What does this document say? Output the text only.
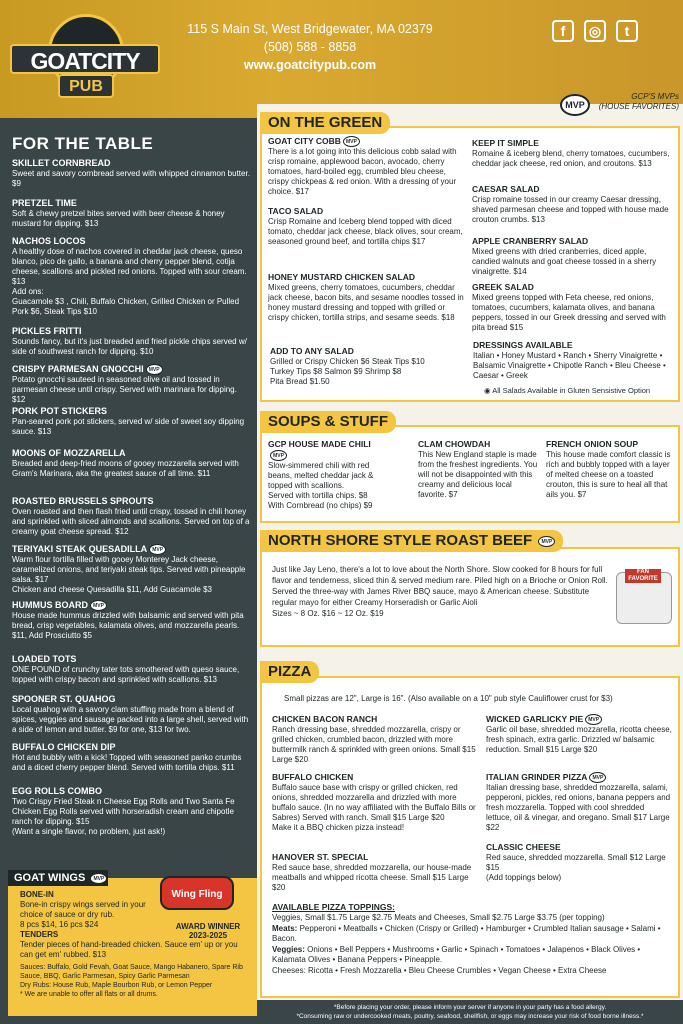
GOATCITY
PUB
115 S Main St, West Bridgewater, MA 02379
(508) 588 - 8858
www.goatcitypub.com
f	◎	t
FOR THE TABLE
SKILLET CORNBREAD
Sweet and savory cornbread served with whipped cinnamon butter. $9
PRETZEL TIME
Soft & chewy pretzel bites served with beer cheese & honey mustard for dipping. $13
NACHOS LOCOS
A healthy dose of nachos covered in cheddar jack cheese, queso blanco, pico de gallo, a banana and cherry pepper blend, cotija cheese, scallions and pickled red onions. Topped with sour cream. $13
Add ons:
Guacamole $3 , Chili, Buffalo Chicken, Grilled Chicken or Pulled Pork $6, Steak Tips $10
PICKLES FRITTI
Sounds fancy, but it's just breaded and fried pickle chips served w/ side of southwest ranch for dipping. $10
CRISPY PARMESAN GNOCCHI MVP
Potato gnocchi sauteed in seasoned olive oil and tossed in parmesan cheese until crispy. Served with marinara for dipping. $12
PORK POT STICKERS
Pan-seared pork pot stickers, served w/ side of sweet soy dipping sauce. $13
MOONS OF MOZZARELLA
Breaded and deep-fried moons of gooey mozzarella served with Gram's Marinara, aka the greatest sauce of all time. $11
ROASTED BRUSSELS SPROUTS
Oven roasted and then flash fried until crispy, tossed in chili honey and sprinkled with sliced almonds and scallions. Served on top of a creamy goat cheese spread. $12
TERIYAKI STEAK QUESADILLA MVP
Warm flour tortilla filled with gooey Monterey Jack cheese, caramelized onions, and teriyaki steak tips. Served with pineapple salsa. $17
Chicken and cheese Quesadilla $11, Add Guacamole $3
HUMMUS BOARD MVP
House made hummus drizzled with balsamic and served with pita bread, crisp vegetables, kalamata olives, and mozzarella pearls. $11, Add Prosciutto $5
LOADED TOTS
ONE POUND of crunchy tater tots smothered with queso sauce, topped with crispy bacon and sprinkled with scallions. $13
SPOONER ST. QUAHOG
Local quahog with a savory clam stuffing made from a blend of spices, veggies and sausage packed into a large shell, served with a side of lemon and butter. $9 for one, $13 for two.
BUFFALO CHICKEN DIP
Hot and bubbly with a kick! Topped with seasoned panko crumbs and a diced cherry pepper blend. Served with tortilla chips. $11
EGG ROLLS COMBO
Two Crispy Fried Steak n Cheese Egg Rolls and Two Santa Fe Chicken Egg Rolls served with horseradish cream and chipotle ranch for dipping. $15
(Want a single flavor, no problem, just ask!)
BONE-IN
Bone-in crispy wings served in your choice of sauce or dry rub.
8 pcs $14, 16 pcs $24
TENDERS
Tender pieces of hand-breaded chicken. Sauce em' up or you can get em' rubbed. $13
Sauces: Buffalo, Gold Fevah, Goat Sauce, Mango Habanero, Spare Rib Sauce, BBQ, Garlic Parmesan, Spicy Garlic Parmesan
Dry Rubs: House Rub, Maple Bourbon Rub, or Lemon Pepper
* We are unable to offer all flats or all drums.
AWARD WINNER
2023-2025
GOAT WINGS MVP
Wing Fling
MVP
GCP'S MVPs
(HOUSE FAVORITES)
ON THE GREEN
GOAT CITY COBB MVP
There is a lot going into this delicious cobb salad with crisp romaine, applewood bacon, avocado, cherry tomatoes, hard-boiled egg, crumbled bleu cheese, crispy chickpeas & red onion. With a dressing of your choice. $17
TACO SALAD
Crisp Romaine and Iceberg blend topped with diced tomato, cheddar jack cheese, black olives, sour cream, seasoned ground beef, and tortilla chips $17
HONEY MUSTARD CHICKEN SALAD
Mixed greens, cherry tomatoes, cucumbers, cheddar jack cheese, bacon bits, and sesame noodles tossed in honey mustard dressing and topped with grilled or crispy chicken, tortilla strips, and sesame seeds. $18
KEEP IT SIMPLE
Romaine & iceberg blend, cherry tomatoes, cucumbers, cheddar jack cheese, red onion, and croutons. $13
CAESAR SALAD
Crisp romaine tossed in our creamy Caesar dressing, shaved parmesan cheese and topped with house made crouton crumbs. $13
APPLE CRANBERRY SALAD
Mixed greens with dried cranberries, diced apple, candied walnuts and goat cheese tossed in a sherry vinaigrette. $14
GREEK SALAD
Mixed greens topped with Feta cheese, red onions, tomatoes, cucumbers, kalamata olives, and banana peppers, tossed in our Greek dressing and served with pita bread $15
ADD TO ANY SALAD
Grilled or Crispy Chicken $6 Steak Tips $10
Turkey Tips $8 Salmon $9 Shrimp $8
Pita Bread $1.50
DRESSINGS AVAILABLE
Italian • Honey Mustard • Ranch • Sherry Vinaigrette • Balsamic Vinaigrette • Chipotle Ranch • Bleu Cheese • Caesar • Greek
◉ All Salads Available in Gluten Sensistive Option
SOUPS & STUFF
GCP HOUSE MADE CHILIMVP
Slow-simmered chili with red beans, melted cheddar jack & topped with scallions.
Served with tortilla chips. $8
With Cornbread (no chips) $9
CLAM CHOWDAH
This New England staple is made from the freshest ingredients. You will not be disappointed with this creamy and delicious local favorite. $7
FRENCH ONION SOUP
This house made comfort classic is rich and bubbly topped with a layer of melted cheese on a toasted crouton, this is sure to heal all that ails you. $7
NORTH SHORE STYLE ROAST BEEF MVP
Just like Jay Leno, there's a lot to love about the North Shore. Slow cooked for 8 hours for full flavor and tenderness, sliced thin & served medium rare. Piled high on a Brioche or Onion Roll. Served the three-way with James River BBQ sauce, mayo & American cheese. Substitute regular mayo for either Creamy Horseradish or Garlic Aioli
Sizes ~ 8 Oz. $16 ~ 12 Oz. $19
FAN FAVORITE
PIZZA
Small pizzas are 12", Large is 16". (Also available on a 10" pub style Cauliflower crust for $3)
CHICKEN BACON RANCH
Ranch dressing base, shredded mozzarella, crispy or grilled chicken, crumbled bacon, drizzled with more buttermilk ranch & sprinkled with green onions. Small $15 Large $20
BUFFALO CHICKEN
Buffalo sauce base with crispy or grilled chicken, red onions, shredded mozzarella and drizzled with more buffalo sauce. (In no way affiliated with the Buffalo Bills or Sabres) Served with ranch. Small $15 Large $20
Make it a BBQ chicken pizza instead!
HANOVER ST. SPECIAL
Red sauce base, shredded mozzarella, our house-made meatballs and whipped ricotta cheese. Small $15 Large $20
WICKED GARLICKY PIE MVP
Garlic oil base, shredded mozzarella, ricotta cheese, fresh spinach, extra garlic. Drizzled w/ balsamic reduction. Small $15 Large $20
ITALIAN GRINDER PIZZA MVP
Italian dressing base, shredded mozzarella, salami, pepperoni, pickles, red onions, banana peppers and fresh mozzarella. Topped with cool shredded lettuce, oil & vinegar, and oregano. Small $17 Large $22
CLASSIC CHEESE
Red sauce, shredded mozzarella. Small $12 Large $15
(Add toppings below)
AVAILABLE PIZZA TOPPINGS:
Veggies, Small $1.75 Large $2.75 Meats and Cheeses, Small $2.75 Large $3.75 (per topping)
Meats: Pepperoni • Meatballs • Chicken (Crispy or Grilled) • Hamburger • Crumbled Italian sausage • Salami • Bacon.
Veggies: Onions • Bell Peppers • Mushrooms • Garlic • Spinach • Tomatoes • Jalapenos • Black Olives • Kalamata Olives • Banana Peppers • Pineapple.
Cheeses: Ricotta • Fresh Mozzarella • Bleu Cheese Crumbles • Vegan Cheese • Extra Cheese
*Before placing your order, please inform your server if anyone in your party has a food allergy.
*Consuming raw or undercooked meats, poultry, seafood, shellfish, or eggs may increase your risk of food borne illness.*
